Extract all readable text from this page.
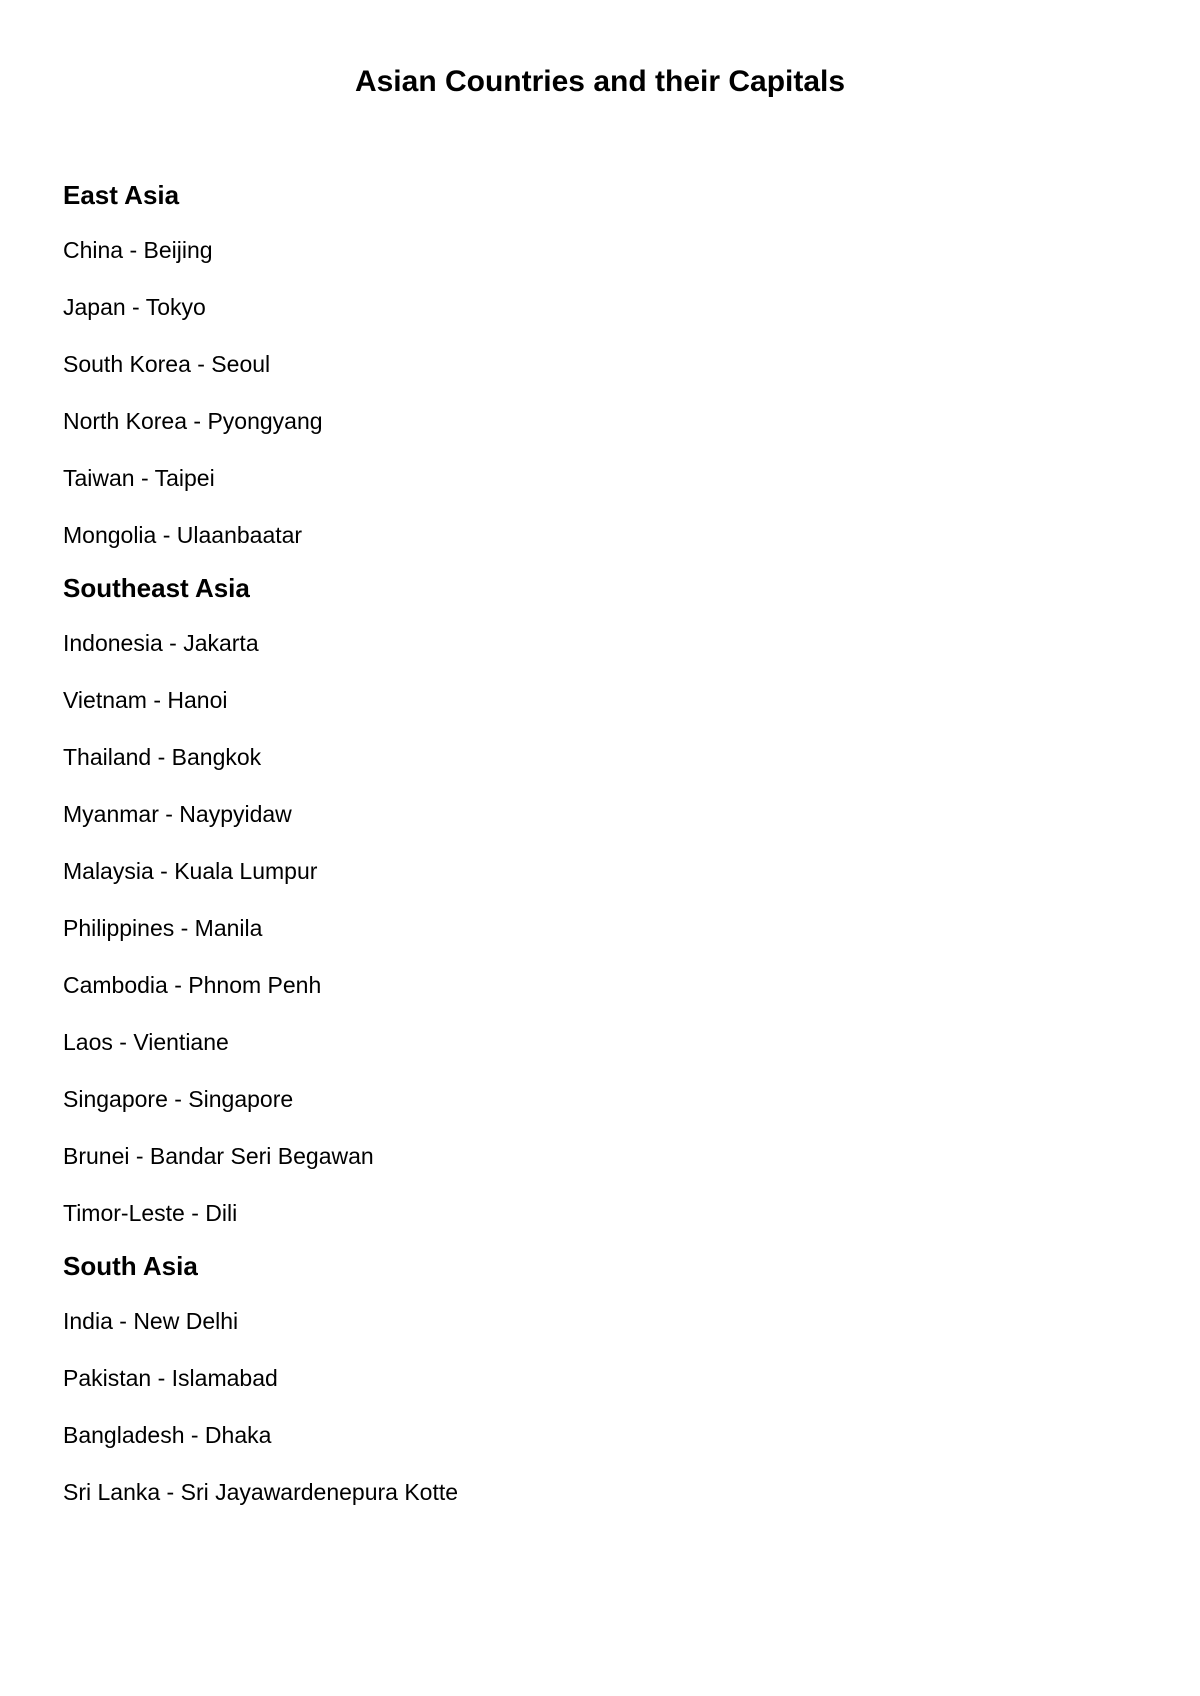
Asian Countries and their Capitals
East Asia

China - Beijing

Japan - Tokyo

South Korea - Seoul

North Korea - Pyongyang

Taiwan - Taipei

Mongolia - Ulaanbaatar

Southeast Asia

Indonesia - Jakarta

Vietnam - Hanoi

Thailand - Bangkok

Myanmar - Naypyidaw

Malaysia - Kuala Lumpur

Philippines - Manila

Cambodia - Phnom Penh

Laos - Vientiane

Singapore - Singapore

Brunei - Bandar Seri Begawan

Timor-Leste - Dili

South Asia

India - New Delhi

Pakistan - Islamabad

Bangladesh - Dhaka

Sri Lanka - Sri Jayawardenepura Kotte
